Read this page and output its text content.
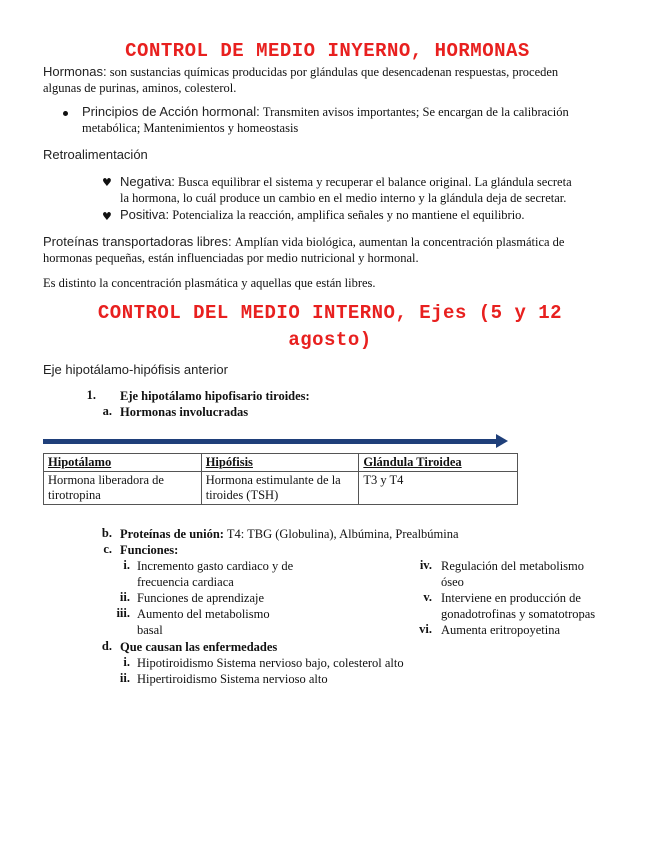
CONTROL DE MEDIO INYERNO, HORMONAS
Hormonas: son sustancias químicas producidas por glándulas que desencadenan respuestas, proceden
algunas de purinas, aminos, colesterol.
Principios de Acción hormonal: Transmiten avisos importantes; Se encargan de la calibración
metabólica; Mantenimientos y homeostasis
Retroalimentación
♥ Negativa: Busca equilibrar el sistema y recuperar el balance original. La glándula secreta
la hormona, lo cuál produce un cambio en el medio interno y la glándula deja de secretar.
♥ Positiva: Potencializa la reacción, amplifica señales y no mantiene el equilibrio.
Proteínas transportadoras libres: Amplían vida biológica, aumentan la concentración plasmática de
hormonas pequeñas, están influenciadas por medio nutricional y hormonal.
Es distinto la concentración plasmática y aquellas que están libres.
CONTROL DEL MEDIO INTERNO, Ejes (5 y 12
agosto)
Eje hipotálamo-hipófisis anterior
1. Eje hipotálamo hipofisario tiroides:
a. Hormonas involucradas
Hipotálamo	Hipófisis	Glándula Tiroidea
Hormona liberadora de tirotropina	Hormona estimulante de la tiroides (TSH)	T3 y T4
b. Proteínas de unión: T4: TBG (Globulina), Albúmina, Prealbúmina
c. Funciones:
i. Incremento gasto cardiaco y de
frecuencia cardiaca
ii. Funciones de aprendizaje
iii. Aumento del metabolismo
basal
iv. Regulación del metabolismo
óseo
v. Interviene en producción de
gonadotrofinas y somatotropas
vi. Aumenta eritropoyetina
d. Que causan las enfermedades
i. Hipotiroidismo Sistema nervioso bajo, colesterol alto
ii. Hipertiroidismo Sistema nervioso alto
